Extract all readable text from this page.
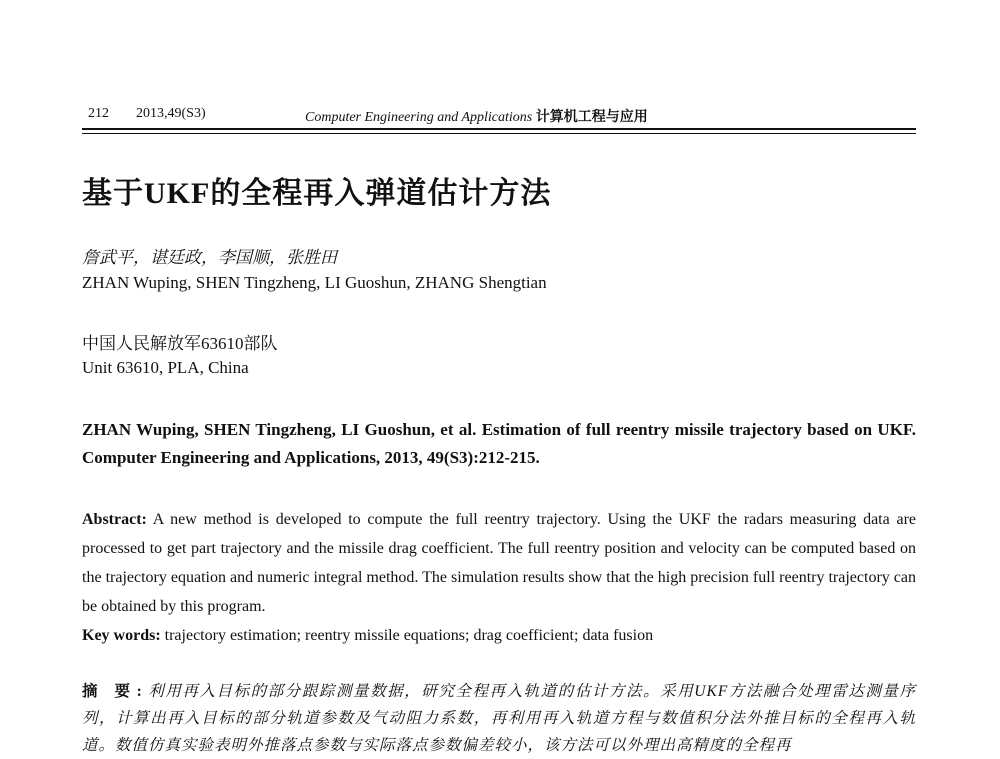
212 2013,49(S3)	Computer Engineering and Applications 计算机工程与应用
基于UKF的全程再入弹道估计方法
詹武平，谌廷政，李国顺，张胜田
ZHAN Wuping, SHEN Tingzheng, LI Guoshun, ZHANG Shengtian
中国人民解放军63610部队
Unit 63610, PLA, China
ZHAN Wuping, SHEN Tingzheng, LI Guoshun, et al. Estimation of full reentry missile trajectory based on UKF. Computer Engineering and Applications, 2013, 49(S3):212-215.
Abstract: A new method is developed to compute the full reentry trajectory. Using the UKF the radars measuring data are processed to get part trajectory and the missile drag coefficient. The full reentry position and velocity can be computed based on the trajectory equation and numeric integral method. The simulation results show that the high precision full reentry trajectory can be obtained by this program.
Key words: trajectory estimation; reentry missile equations; drag coefficient; data fusion
摘 要:利用再入目标的部分跟踪测量数据，研究全程再入轨道的估计方法。采用UKF方法融合处理雷达测量序列，计算出再入目标的部分轨道参数及气动阻力系数，再利用再入轨道方程与数值积分法外推目标的全程再入轨道。数值仿真实验表明外推落点参数与实际落点参数偏差较小，该方法可以外理出高精度的全程再
